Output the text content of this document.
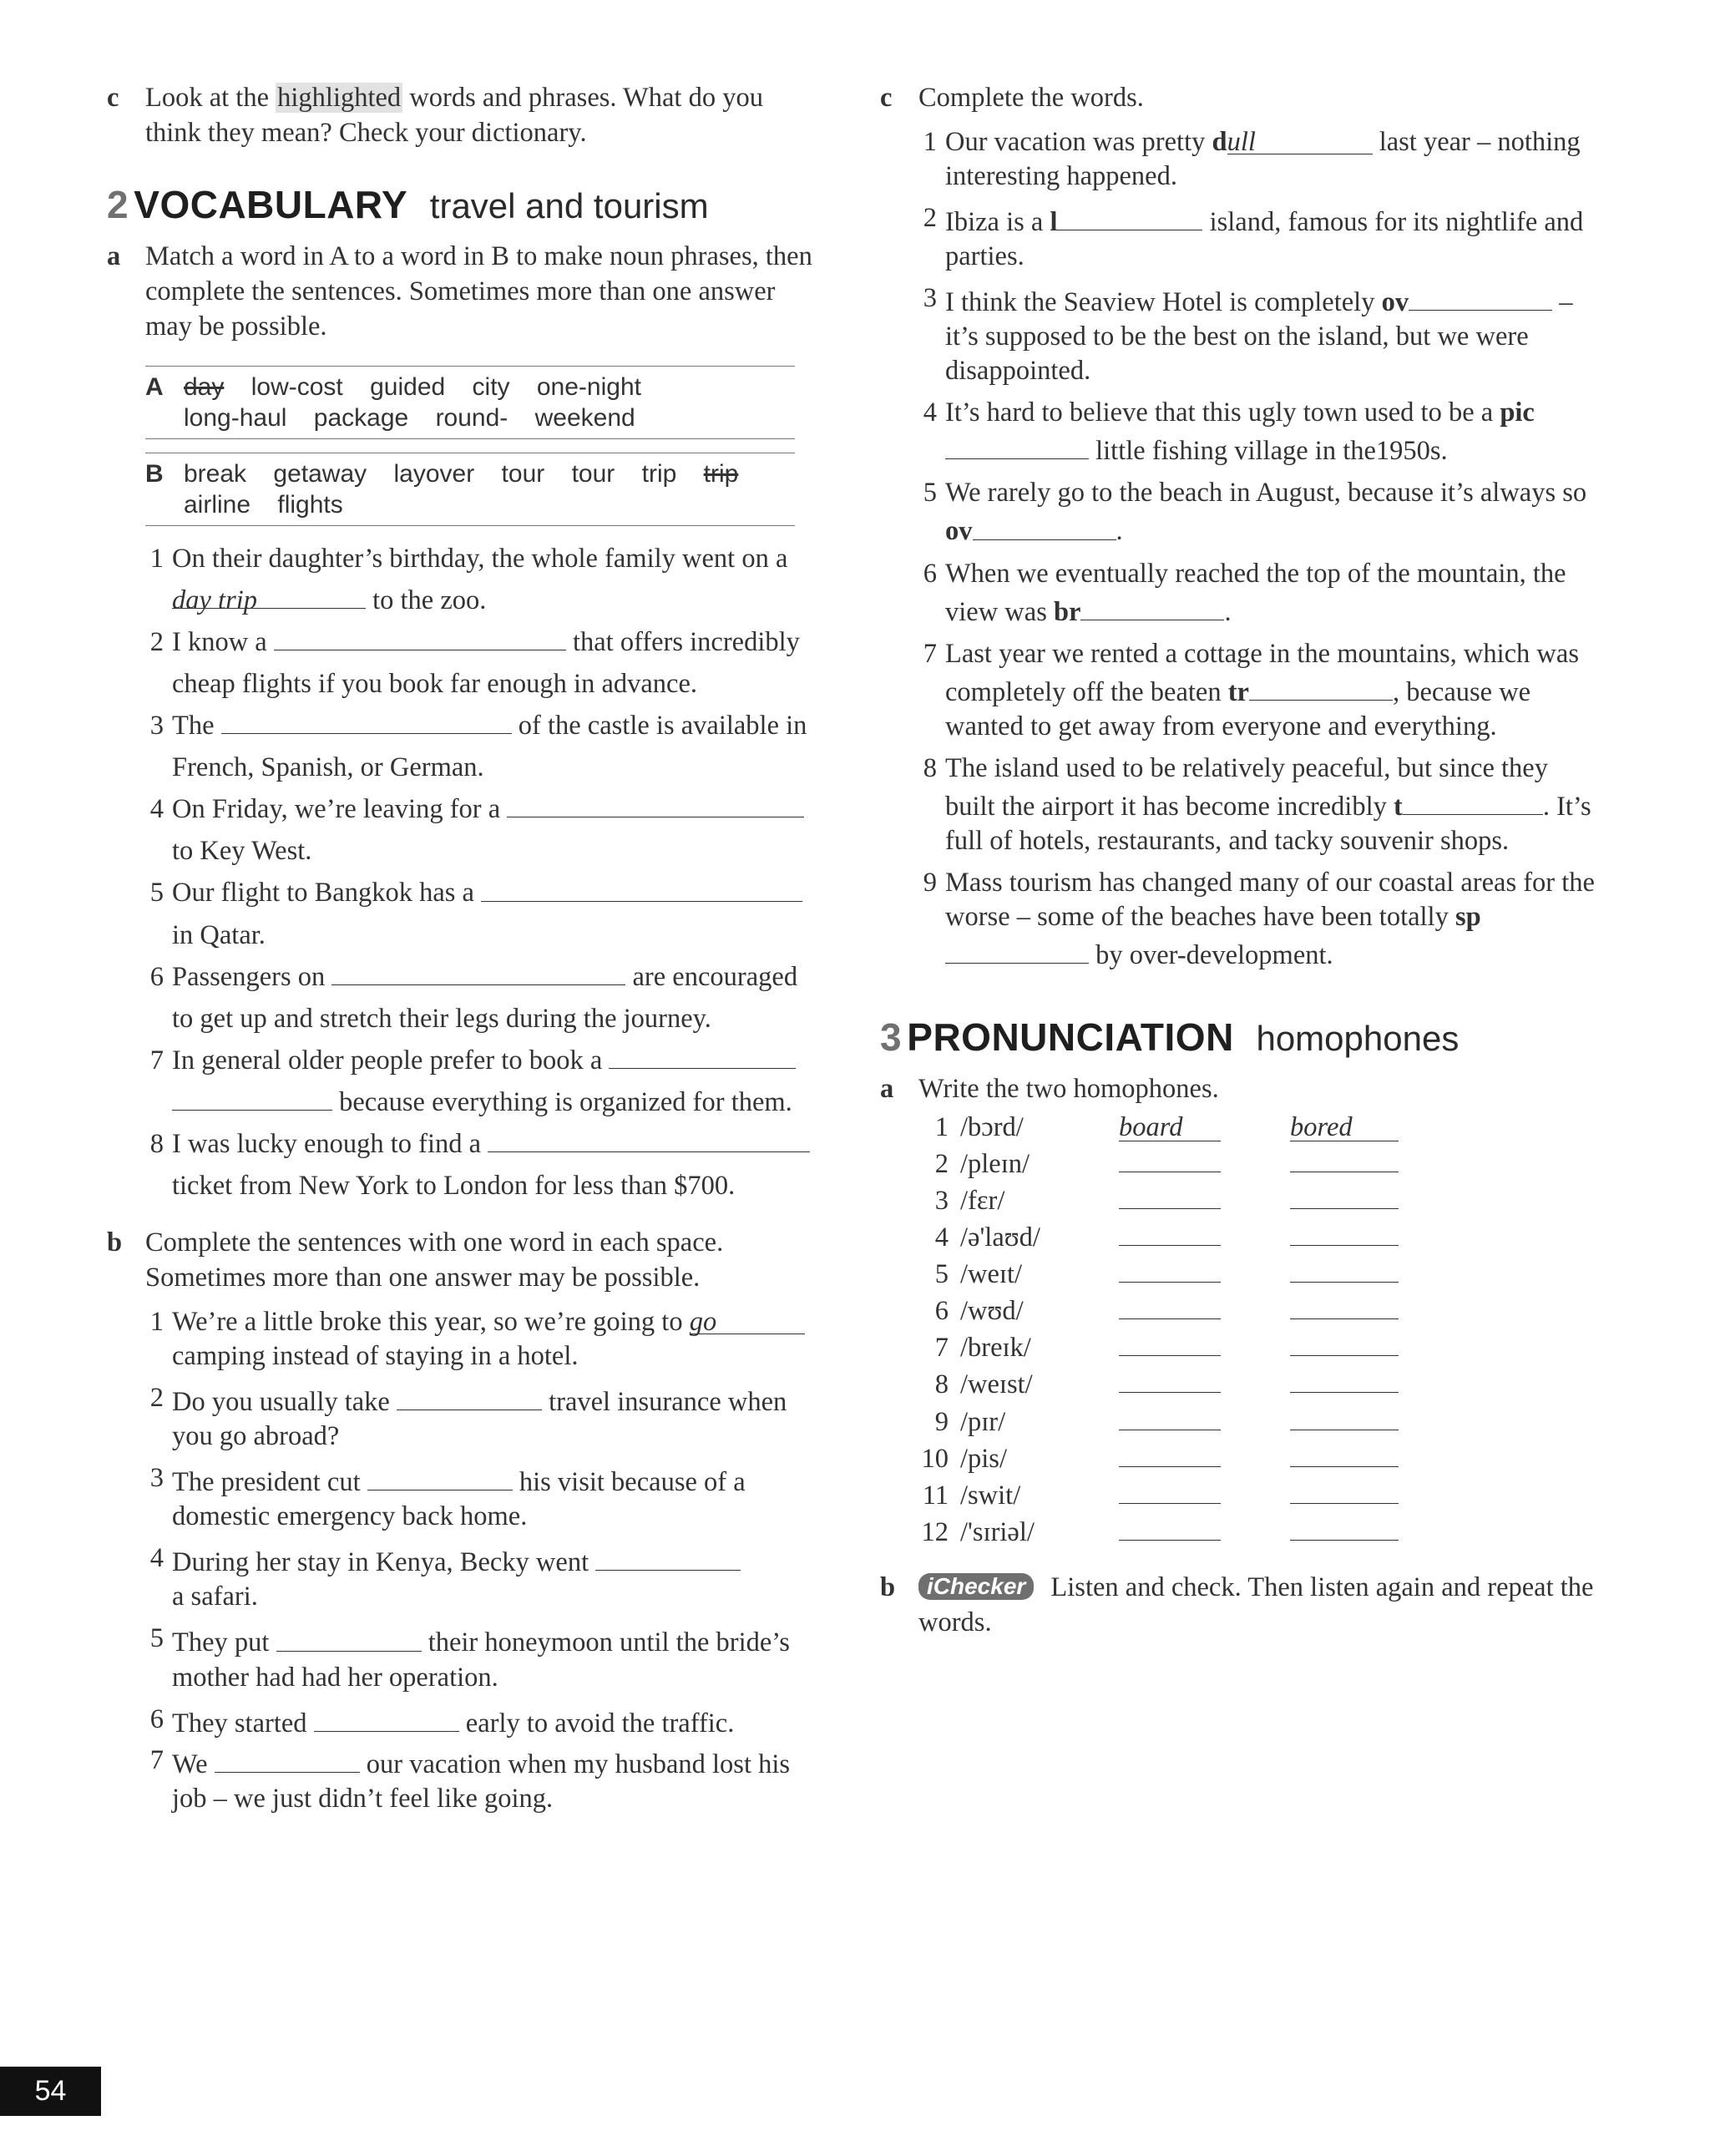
c Look at the highlighted words and phrases. What do you think they mean? Check your dictionary.

2 VOCABULARY travel and tourism

a Match a word in A to a word in B to make noun phrases, then complete the sentences. Sometimes more than one answer may be possible.

A day low-cost guided city one-night
long-haul package round- weekend
B break getaway layover tour tour trip trip
airline flights
1 On their daughter’s birthday, the whole family went on a day trip	to the zoo.
2 I know a	that offers incredibly cheap flights if you book far enough in advance.
3 The	of the castle is available in French, Spanish, or German.
4 On Friday, we’re leaving for a  to Key West.
5 Our flight to Bangkok has a  in Qatar.
6 Passengers on	are encouraged to get up and stretch their legs during the journey.
7 In general older people prefer to book a
because everything is organized for them.
8 I was lucky enough to find a  ticket from New York to London for less than $700.

b Complete the sentences with one word in each space. Sometimes more than one answer may be possible.

1 We’re a little broke this year, so we’re going to go
camping instead of staying in a hotel.
2 Do you usually take	travel insurance when you go abroad?
3 The president cut	his visit because of a domestic emergency back home.
4 During her stay in Kenya, Becky went
a safari.
5 They put	their honeymoon until the bride’s mother had had her operation.
6 They started	early to avoid the traffic.
7 We	our vacation when my husband lost his job – we just didn’t feel like going.

c Complete the words.

1 Our vacation was pretty dull	last year – nothing interesting happened.
2 Ibiza is a l	island, famous for its nightlife and parties.
3 I think the Seaview Hotel is completely ov	– it’s supposed to be the best on the island, but we were disappointed.
4 It’s hard to believe that this ugly town used to be a pic little fishing village in the1950s.
5 We rarely go to the beach in August, because it’s always so ov	.
6 When we eventually reached the top of the mountain, the view was br	.
7 Last year we rented a cottage in the mountains, which was completely off the beaten tr	, because we wanted to get away from everyone and everything.
8 The island used to be relatively peaceful, but since they built the airport it has become incredibly t	. It’s full of hotels, restaurants, and tacky souvenir shops.
9 Mass tourism has changed many of our coastal areas for the worse – some of the beaches have been totally sp by over-development.
3 PRONUNCIATION homophones

a Write the two homophones.

1	/bɔrd/	board	bored
2	/pleɪn/		
3	/fɛr/		
4	/ə'laʊd/		
5	/weɪt/		
6	/wʊd/		
7	/breɪk/		
8	/weɪst/		
9	/pɪr/		
10	/pis/		
11	/swit/		
12	/'sɪriəl/		

b iChecker Listen and check. Then listen again and repeat the words.

54
